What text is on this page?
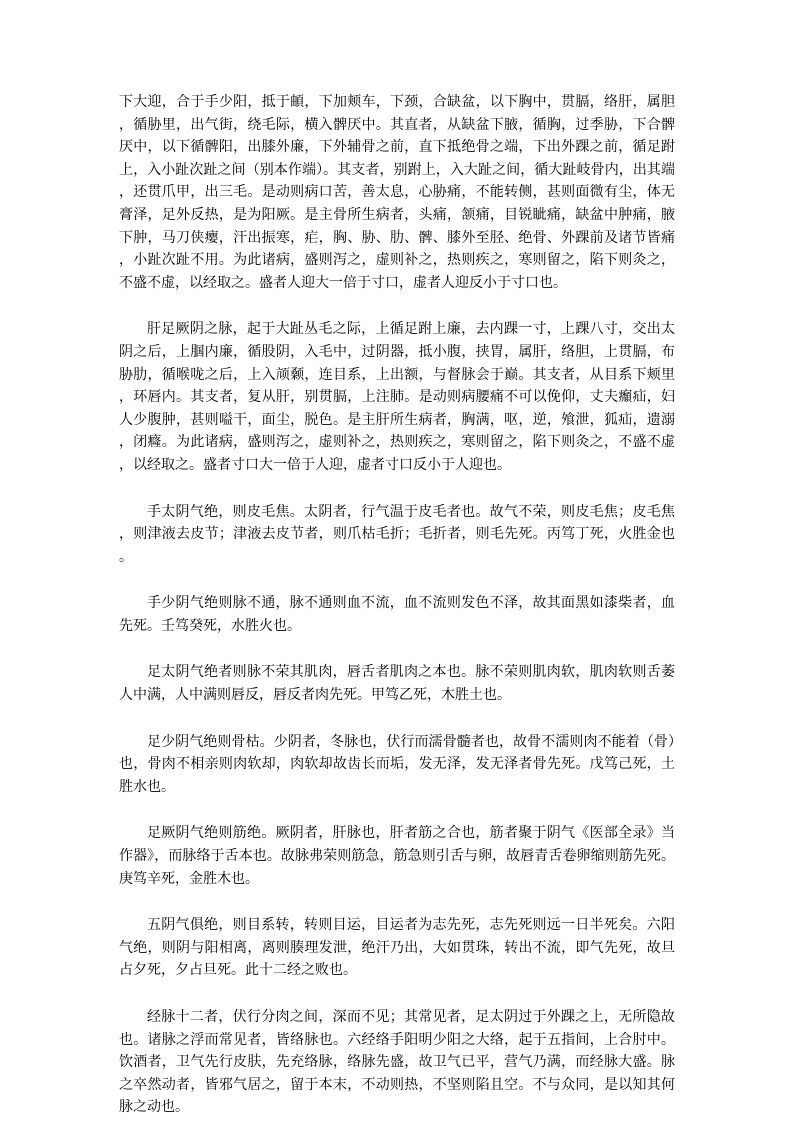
下大迎，合于手少阳，抵于頔，下加颊车，下颈，合缺盆，以下胸中，贯膈，络肝，属胆，循胁里，出气街，绕毛际，横入髀厌中。其直者，从缺盆下腋，循胸，过季胁，下合髀厌中，以下循髀阳，出膝外廉，下外辅骨之前，直下抵绝骨之端，下出外踝之前，循足跗上，入小趾次趾之间（别本作端）。其支者，别跗上，入大趾之间，循大趾岐骨内，出其端，还贯爪甲，出三毛。是动则病口苦，善太息，心胁痛，不能转侧，甚则面微有尘，体无膏泽，足外反热，是为阳厥。是主骨所生病者，头痛，颔痛，目锐眦痛，缺盆中肿痛，腋下肿，马刀侠瘿，汗出振寒，疟，胸、胁、肋、髀、膝外至胫、绝骨、外踝前及诸节皆痛，小趾次趾不用。为此诸病，盛则泻之，虚则补之，热则疾之，寒则留之，陷下则灸之，不盛不虚，以经取之。盛者人迎大一倍于寸口，虚者人迎反小于寸口也。

肝足厥阴之脉，起于大趾丛毛之际，上循足跗上廉，去内踝一寸，上踝八寸，交出太阴之后，上腘内廉，循股阴，入毛中，过阴器，抵小腹，挟胃，属肝，络胆，上贯膈，布胁肋，循喉咙之后，上入颃颡，连目系，上出额，与督脉会于巅。其支者，从目系下颊里，环唇内。其支者，复从肝，别贯膈，上注肺。是动则病腰痛不可以俛仰，丈夫㿗疝，妇人少腹肿，甚则嗌干，面尘，脱色。是主肝所生病者，胸满，呕，逆，飧泄，狐疝，遗溺，闭癃。为此诸病，盛则泻之，虚则补之，热则疾之，寒则留之，陷下则灸之，不盛不虚，以经取之。盛者寸口大一倍于人迎，虚者寸口反小于人迎也。

手太阴气绝，则皮毛焦。太阴者，行气温于皮毛者也。故气不荣，则皮毛焦；皮毛焦，则津液去皮节；津液去皮节者，则爪枯毛折；毛折者，则毛先死。丙笃丁死，火胜金也。

手少阴气绝则脉不通，脉不通则血不流，血不流则发色不泽，故其面黑如漆柴者，血先死。壬笃癸死，水胜火也。

足太阴气绝者则脉不荣其肌肉，唇舌者肌肉之本也。脉不荣则肌肉软，肌肉软则舌萎人中满，人中满则唇反，唇反者肉先死。甲笃乙死，木胜土也。

足少阴气绝则骨枯。少阴者，冬脉也，伏行而濡骨髓者也，故骨不濡则肉不能着（骨）也，骨肉不相亲则肉软却，肉软却故齿长而垢，发无泽，发无泽者骨先死。戊笃己死，土胜水也。

足厥阴气绝则筋绝。厥阴者，肝脉也，肝者筋之合也，筋者聚于阴气《医部全录》当作器》，而脉络于舌本也。故脉弗荣则筋急，筋急则引舌与卵，故唇青舌卷卵缩则筋先死。庚笃辛死，金胜木也。

五阴气俱绝，则目系转，转则目运，目运者为志先死，志先死则远一日半死矣。六阳气绝，则阴与阳相离，离则腠理发泄，绝汗乃出，大如贯珠，转出不流，即气先死，故旦占夕死，夕占旦死。此十二经之败也。

经脉十二者，伏行分肉之间，深而不见；其常见者，足太阴过于外踝之上，无所隐故也。诸脉之浮而常见者，皆络脉也。六经络手阳明少阳之大络，起于五指间，上合肘中。饮酒者，卫气先行皮肤，先充络脉，络脉先盛，故卫气已平，营气乃满，而经脉大盛。脉之卒然动者，皆邪气居之，留于本末，不动则热，不坚则陷且空。不与众同，是以知其何脉之动也。
